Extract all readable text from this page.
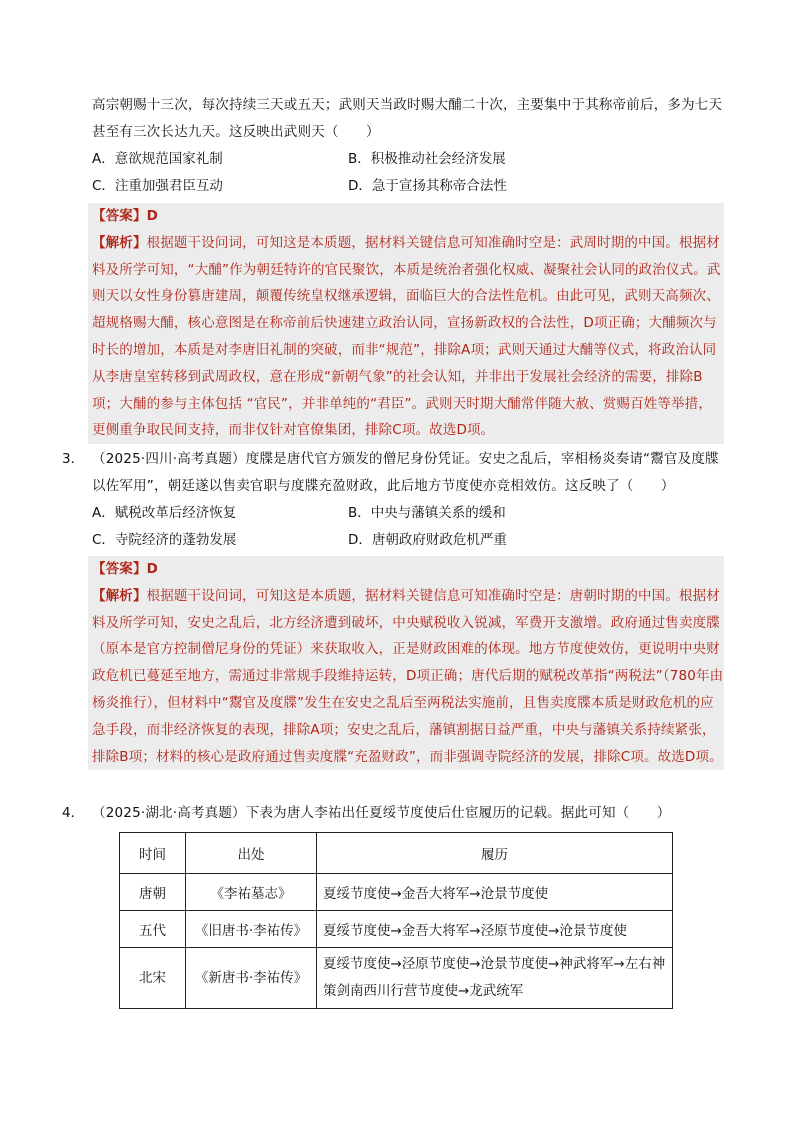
高宗朝赐十三次，每次持续三天或五天；武则天当政时赐大酺二十次，主要集中于其称帝前后，多为七天甚至有三次长达九天。这反映出武则天（　　）
A．意欲规范国家礼制	B．积极推动社会经济发展
C．注重加强君臣互动	D．急于宣扬其称帝合法性
【答案】D
【解析】根据题干设问词，可知这是本质题，据材料关键信息可知准确时空是：武周时期的中国。根据材料及所学可知，“大酺”作为朝廷特许的官民聚饮，本质是统治者强化权威、凝聚社会认同的政治仪式。武则天以女性身份篡唐建周，颠覆传统皇权继承逻辑，面临巨大的合法性危机。由此可见，武则天高频次、超规格赐大酺，核心意图是在称帝前后快速建立政治认同，宣扬新政权的合法性，D项正确；大酺频次与时长的增加，本质是对李唐旧礼制的突破，而非“规范”，排除A项；武则天通过大酺等仪式，将政治认同从李唐皇室转移到武周政权，意在形成“新朝气象”的社会认知，并非出于发展社会经济的需要，排除B项；大酺的参与主体包括 “官民”，并非单纯的“君臣”。武则天时期大酺常伴随大赦、赏赐百姓等举措，更侧重争取民间支持，而非仅针对官僚集团，排除C项。故选D项。
3． （2025·四川·高考真题）度牒是唐代官方颁发的僧尼身份凭证。安史之乱后，宰相杨炎奏请“鬻官及度牒以佐军用”，朝廷遂以售卖官职与度牒充盈财政，此后地方节度使亦竞相效仿。这反映了（　　）
A．赋税改革后经济恢复	B．中央与藩镇关系的缓和
C．寺院经济的蓬勃发展	D．唐朝政府财政危机严重
【答案】D
【解析】根据题干设问词，可知这是本质题，据材料关键信息可知准确时空是：唐朝时期的中国。根据材料及所学可知，安史之乱后，北方经济遭到破坏，中央赋税收入锐减，军费开支激增。政府通过售卖度牒（原本是官方控制僧尼身份的凭证）来获取收入，正是财政困难的体现。地方节度使效仿，更说明中央财政危机已蔓延至地方，需通过非常规手段维持运转，D项正确；唐代后期的赋税改革指“两税法”（780年由杨炎推行），但材料中“鬻官及度牒”发生在安史之乱后至两税法实施前，且售卖度牒本质是财政危机的应急手段，而非经济恢复的表现，排除A项；安史之乱后，藩镇割据日益严重，中央与藩镇关系持续紧张，排除B项；材料的核心是政府通过售卖度牒“充盈财政”，而非强调寺院经济的发展，排除C项。故选D项。
4． （2025·湖北·高考真题）下表为唐人李祐出任夏绥节度使后仕宦履历的记载。据此可知（　　）
时间	出处	履历
唐朝	《李祐墓志》	夏绥节度使→金吾大将军→沧景节度使
五代	《旧唐书·李祐传》	夏绥节度使→金吾大将军→泾原节度使→沧景节度使
北宋	《新唐书·李祐传》	夏绥节度使→泾原节度使→沧景节度使→神武将军→左右神策剑南西川行营节度使→龙武统军
